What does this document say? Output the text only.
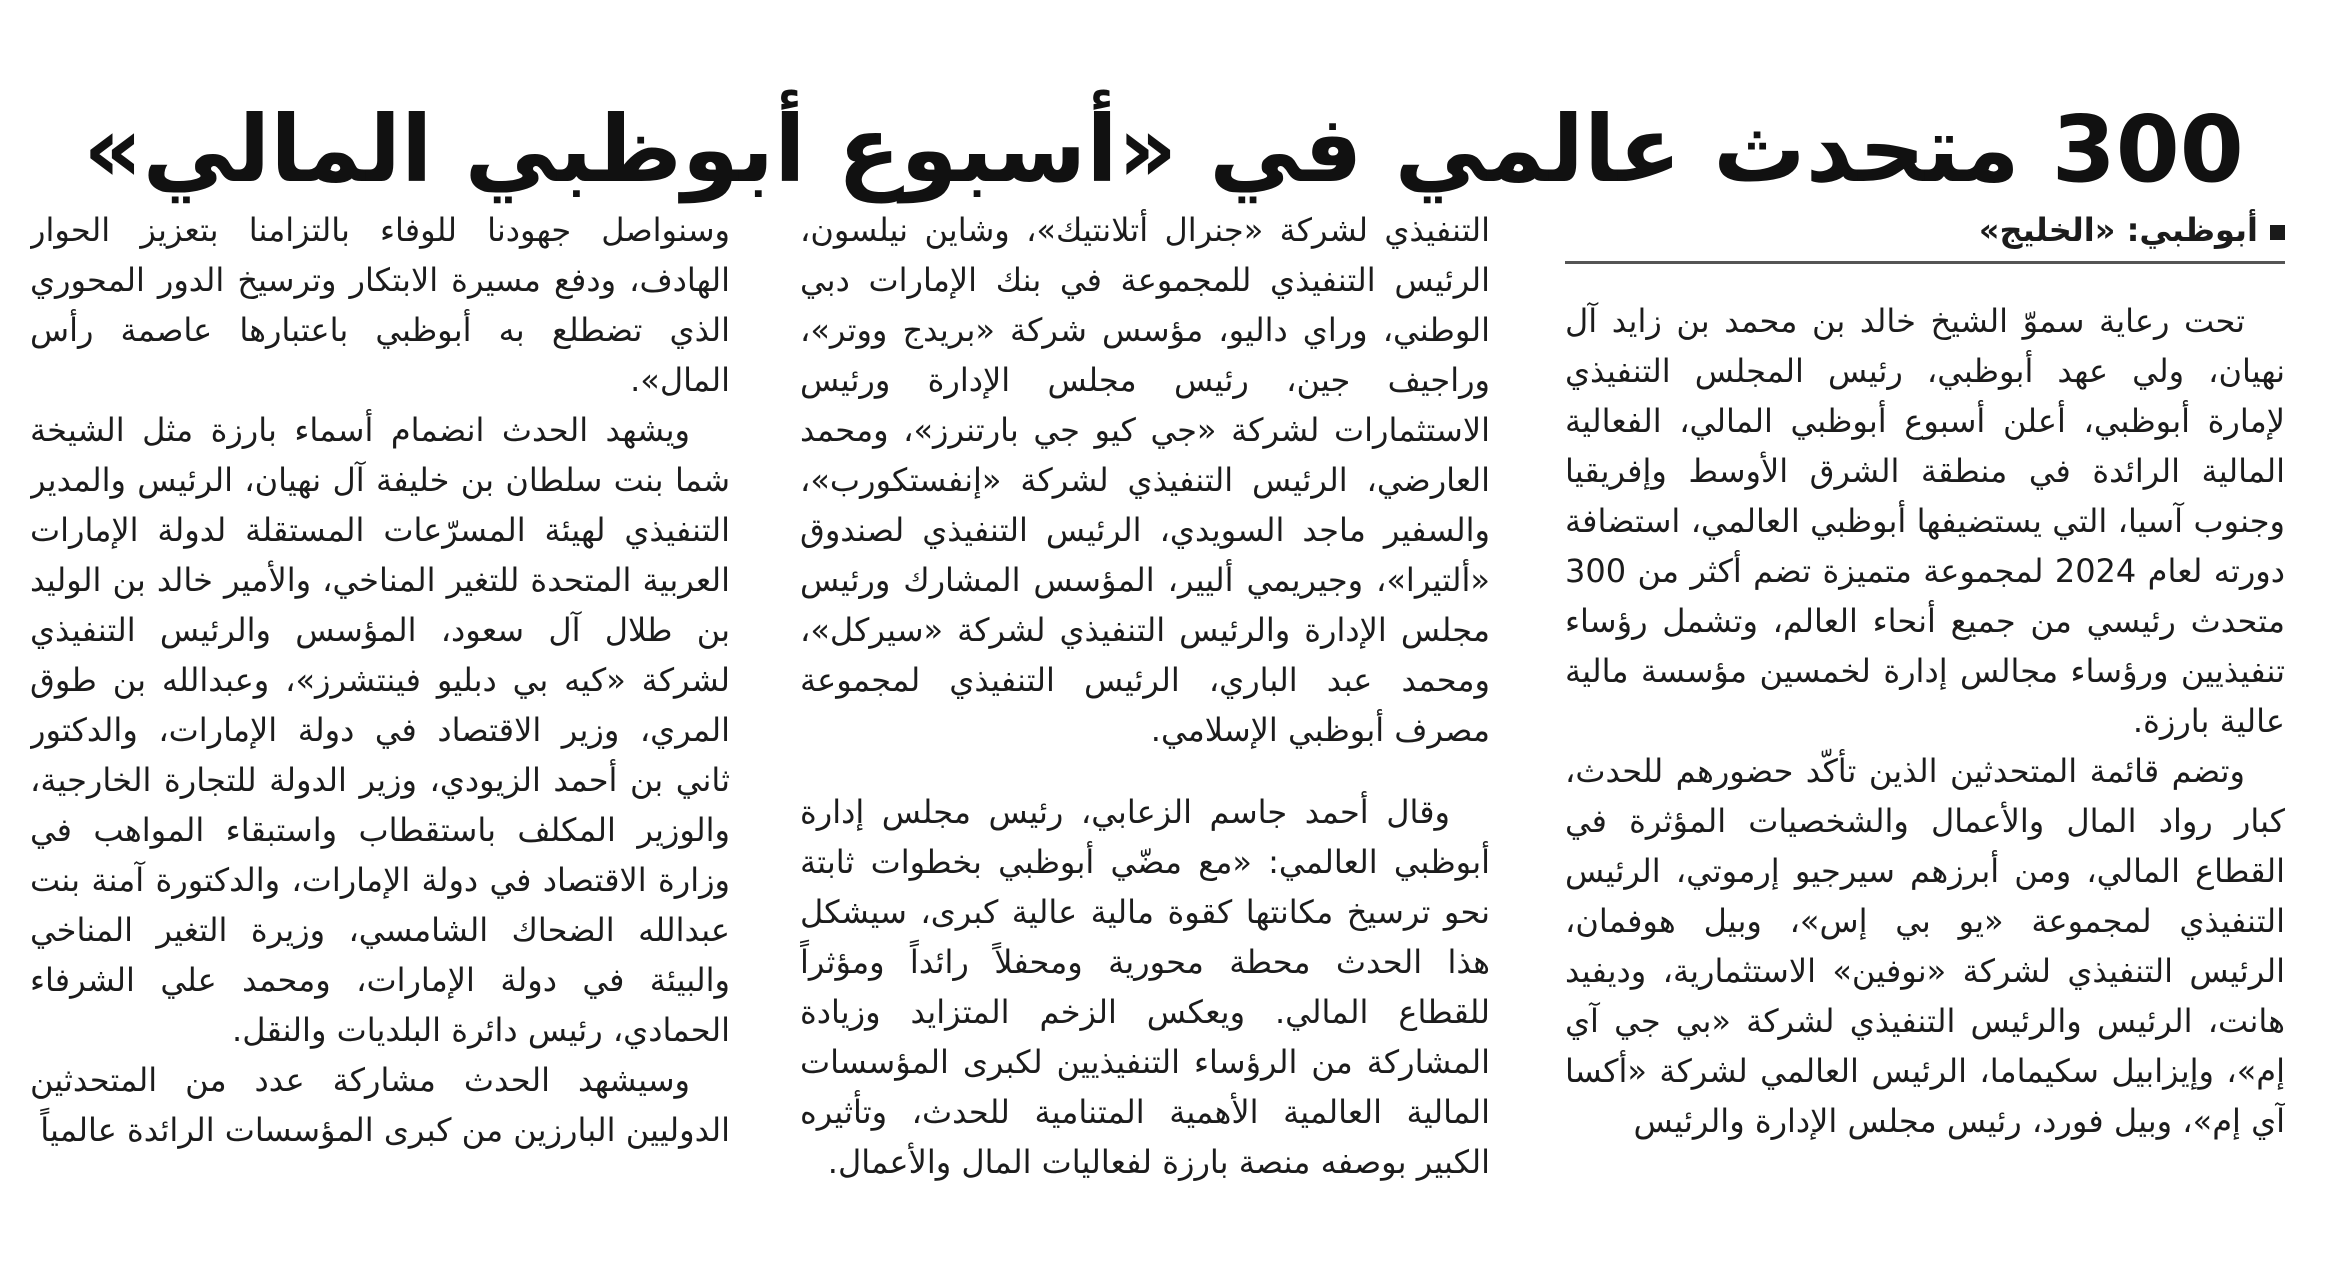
300 متحدث عالمي في «أسبوع أبوظبي المالي»
أبوظبي: «الخليج»

تحت رعاية سموّ الشيخ خالد بن محمد بن زايد آل نهيان، ولي عهد أبوظبي، رئيس المجلس التنفيذي لإمارة أبوظبي، أعلن أسبوع أبوظبي المالي، الفعالية المالية الرائدة في منطقة الشرق الأوسط وإفريقيا وجنوب آسيا، التي يستضيفها أبوظبي العالمي، استضافة دورته لعام 2024 لمجموعة متميزة تضم أكثر من 300 متحدث رئيسي من جميع أنحاء العالم، وتشمل رؤساء تنفيذيين ورؤساء مجالس إدارة لخمسين مؤسسة مالية عالية بارزة.

وتضم قائمة المتحدثين الذين تأكّد حضورهم للحدث، كبار رواد المال والأعمال والشخصيات المؤثرة في القطاع المالي، ومن أبرزهم سيرجيو إرموتي، الرئيس التنفيذي لمجموعة «يو بي إس»، وبيل هوفمان، الرئيس التنفيذي لشركة «نوفين» الاستثمارية، وديفيد هانت، الرئيس والرئيس التنفيذي لشركة «بي جي آي إم»، وإيزابيل سكيماما، الرئيس العالمي لشركة «أكسا آي إم»، وبيل فورد، رئيس مجلس الإدارة والرئيس

التنفيذي لشركة «جنرال أتلانتيك»، وشاين نيلسون، الرئيس التنفيذي للمجموعة في بنك الإمارات دبي الوطني، وراي داليو، مؤسس شركة «بريدج ووتر»، وراجيف جين، رئيس مجلس الإدارة ورئيس الاستثمارات لشركة «جي كيو جي بارتنرز»، ومحمد العارضي، الرئيس التنفيذي لشركة «إنفستكورب»، والسفير ماجد السويدي، الرئيس التنفيذي لصندوق «ألتيرا»، وجيريمي أليير، المؤسس المشارك ورئيس مجلس الإدارة والرئيس التنفيذي لشركة «سيركل»، ومحمد عبد الباري، الرئيس التنفيذي لمجموعة مصرف أبوظبي الإسلامي.

وقال أحمد جاسم الزعابي، رئيس مجلس إدارة أبوظبي العالمي: «مع مضّي أبوظبي بخطوات ثابتة نحو ترسيخ مكانتها كقوة مالية عالية كبرى، سيشكل هذا الحدث محطة محورية ومحفلاً رائداً ومؤثراً للقطاع المالي. ويعكس الزخم المتزايد وزيادة المشاركة من الرؤساء التنفيذيين لكبرى المؤسسات المالية العالمية الأهمية المتنامية للحدث، وتأثيره الكبير بوصفه منصة بارزة لفعاليات المال والأعمال.

وسنواصل جهودنا للوفاء بالتزامنا بتعزيز الحوار الهادف، ودفع مسيرة الابتكار وترسيخ الدور المحوري الذي تضطلع به أبوظبي باعتبارها عاصمة رأس المال».

ويشهد الحدث انضمام أسماء بارزة مثل الشيخة شما بنت سلطان بن خليفة آل نهيان، الرئيس والمدير التنفيذي لهيئة المسرّعات المستقلة لدولة الإمارات العربية المتحدة للتغير المناخي، والأمير خالد بن الوليد بن طلال آل سعود، المؤسس والرئيس التنفيذي لشركة «كيه بي دبليو فينتشرز»، وعبدالله بن طوق المري، وزير الاقتصاد في دولة الإمارات، والدكتور ثاني بن أحمد الزيودي، وزير الدولة للتجارة الخارجية، والوزير المكلف باستقطاب واستبقاء المواهب في وزارة الاقتصاد في دولة الإمارات، والدكتورة آمنة بنت عبدالله الضحاك الشامسي، وزيرة التغير المناخي والبيئة في دولة الإمارات، ومحمد علي الشرفاء الحمادي، رئيس دائرة البلديات والنقل.

وسيشهد الحدث مشاركة عدد من المتحدثين الدوليين البارزين من كبرى المؤسسات الرائدة عالمياً
